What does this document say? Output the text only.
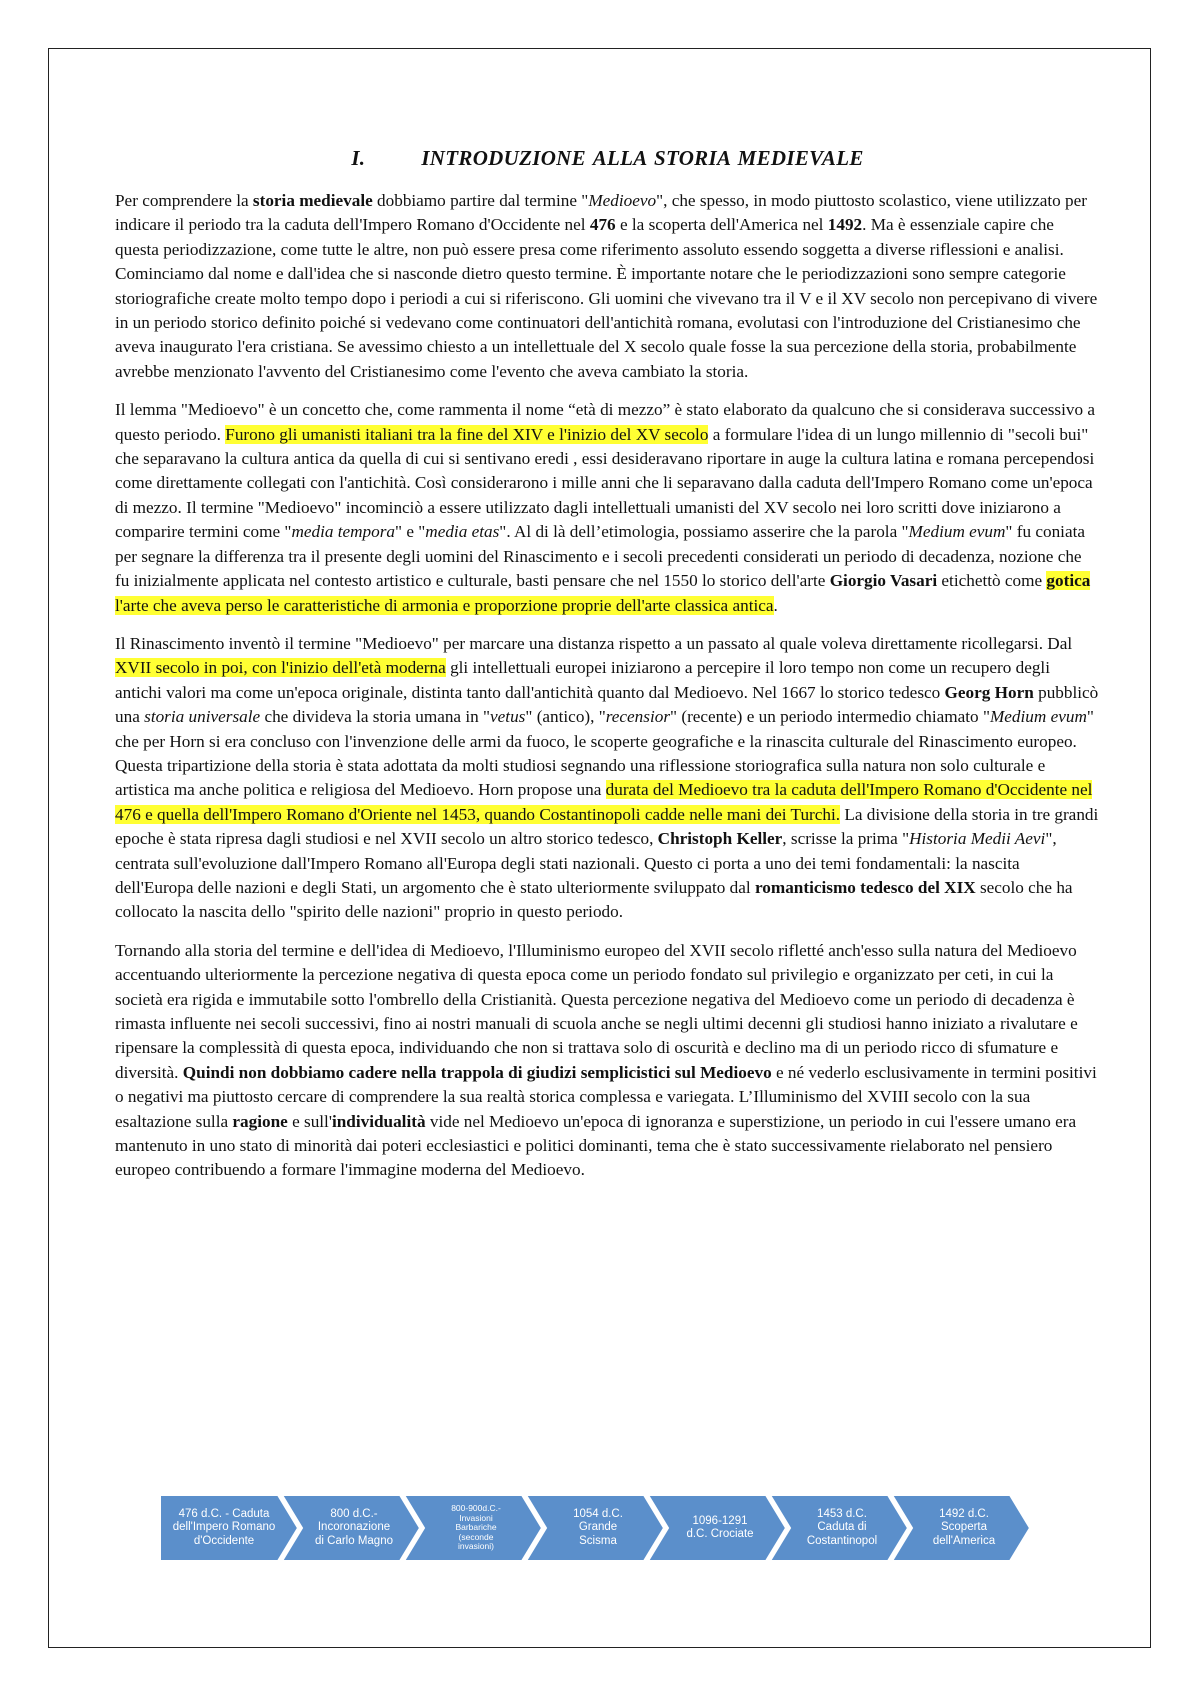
I.	INTRODUZIONE ALLA STORIA MEDIEVALE

Per comprendere la storia medievale dobbiamo partire dal termine "Medioevo", che spesso, in modo piuttosto scolastico, viene utilizzato per indicare il periodo tra la caduta dell'Impero Romano d'Occidente nel 476 e la scoperta dell'America nel 1492. Ma è essenziale capire che questa periodizzazione, come tutte le altre, non può essere presa come riferimento assoluto essendo soggetta a diverse riflessioni e analisi. Cominciamo dal nome e dall'idea che si nasconde dietro questo termine. È importante notare che le periodizzazioni sono sempre categorie storiografiche create molto tempo dopo i periodi a cui si riferiscono. Gli uomini che vivevano tra il V e il XV secolo non percepivano di vivere in un periodo storico definito poiché si vedevano come continuatori dell'antichità romana, evolutasi con l'introduzione del Cristianesimo che aveva inaugurato l'era cristiana. Se avessimo chiesto a un intellettuale del X secolo quale fosse la sua percezione della storia, probabilmente avrebbe menzionato l'avvento del Cristianesimo come l'evento che aveva cambiato la storia.

Il lemma "Medioevo" è un concetto che, come rammenta il nome “età di mezzo” è stato elaborato da qualcuno che si considerava successivo a questo periodo. Furono gli umanisti italiani tra la fine del XIV e l'inizio del XV secolo a formulare l'idea di un lungo millennio di "secoli bui" che separavano la cultura antica da quella di cui si sentivano eredi , essi desideravano riportare in auge la cultura latina e romana percependosi come direttamente collegati con l'antichità. Così considerarono i mille anni che li separavano dalla caduta dell'Impero Romano come un'epoca di mezzo. Il termine "Medioevo" incominciò a essere utilizzato dagli intellettuali umanisti del XV secolo nei loro scritti dove iniziarono a comparire termini come "media tempora" e "media etas". Al di là dell’etimologia, possiamo asserire che la parola "Medium evum" fu coniata per segnare la differenza tra il presente degli uomini del Rinascimento e i secoli precedenti considerati un periodo di decadenza, nozione che fu inizialmente applicata nel contesto artistico e culturale, basti pensare che nel 1550 lo storico dell'arte Giorgio Vasari etichettò come gotica l'arte che aveva perso le caratteristiche di armonia e proporzione proprie dell'arte classica antica.

Il Rinascimento inventò il termine "Medioevo" per marcare una distanza rispetto a un passato al quale voleva direttamente ricollegarsi. Dal XVII secolo in poi, con l'inizio dell'età moderna gli intellettuali europei iniziarono a percepire il loro tempo non come un recupero degli antichi valori ma come un'epoca originale, distinta tanto dall'antichità quanto dal Medioevo. Nel 1667 lo storico tedesco Georg Horn pubblicò una storia universale che divideva la storia umana in "vetus" (antico), "recensior" (recente) e un periodo intermedio chiamato "Medium evum" che per Horn si era concluso con l'invenzione delle armi da fuoco, le scoperte geografiche e la rinascita culturale del Rinascimento europeo. Questa tripartizione della storia è stata adottata da molti studiosi segnando una riflessione storiografica sulla natura non solo culturale e artistica ma anche politica e religiosa del Medioevo. Horn propose una durata del Medioevo tra la caduta dell'Impero Romano d'Occidente nel 476 e quella dell'Impero Romano d'Oriente nel 1453, quando Costantinopoli cadde nelle mani dei Turchi. La divisione della storia in tre grandi epoche è stata ripresa dagli studiosi e nel XVII secolo un altro storico tedesco, Christoph Keller, scrisse la prima "Historia Medii Aevi", centrata sull'evoluzione dall'Impero Romano all'Europa degli stati nazionali. Questo ci porta a uno dei temi fondamentali: la nascita dell'Europa delle nazioni e degli Stati, un argomento che è stato ulteriormente sviluppato dal romanticismo tedesco del XIX secolo che ha collocato la nascita dello "spirito delle nazioni" proprio in questo periodo.

Tornando alla storia del termine e dell'idea di Medioevo, l'Illuminismo europeo del XVII secolo rifletté anch'esso sulla natura del Medioevo accentuando ulteriormente la percezione negativa di questa epoca come un periodo fondato sul privilegio e organizzato per ceti, in cui la società era rigida e immutabile sotto l'ombrello della Cristianità. Questa percezione negativa del Medioevo come un periodo di decadenza è rimasta influente nei secoli successivi, fino ai nostri manuali di scuola anche se negli ultimi decenni gli studiosi hanno iniziato a rivalutare e ripensare la complessità di questa epoca, individuando che non si trattava solo di oscurità e declino ma di un periodo ricco di sfumature e diversità. Quindi non dobbiamo cadere nella trappola di giudizi semplicistici sul Medioevo e né vederlo esclusivamente in termini positivi o negativi ma piuttosto cercare di comprendere la sua realtà storica complessa e variegata. L’Illuminismo del XVIII secolo con la sua esaltazione sulla ragione e sull'individualità vide nel Medioevo un'epoca di ignoranza e superstizione, un periodo in cui l'essere umano era mantenuto in uno stato di minorità dai poteri ecclesiastici e politici dominanti, tema che è stato successivamente rielaborato nel pensiero europeo contribuendo a formare l'immagine moderna del Medioevo.

476 d.C. - Caduta
dell'Impero Romano
d'Occidente
800 d.C.-
Incoronazione
di Carlo Magno
800-900d.C.-
Invasioni
Barbariche
(seconde
invasioni)
1054 d.C.
Grande
Scisma
1096-1291
d.C. Crociate
1453 d.C.
Caduta di
Costantinopol
1492 d.C.
Scoperta
dell'America
